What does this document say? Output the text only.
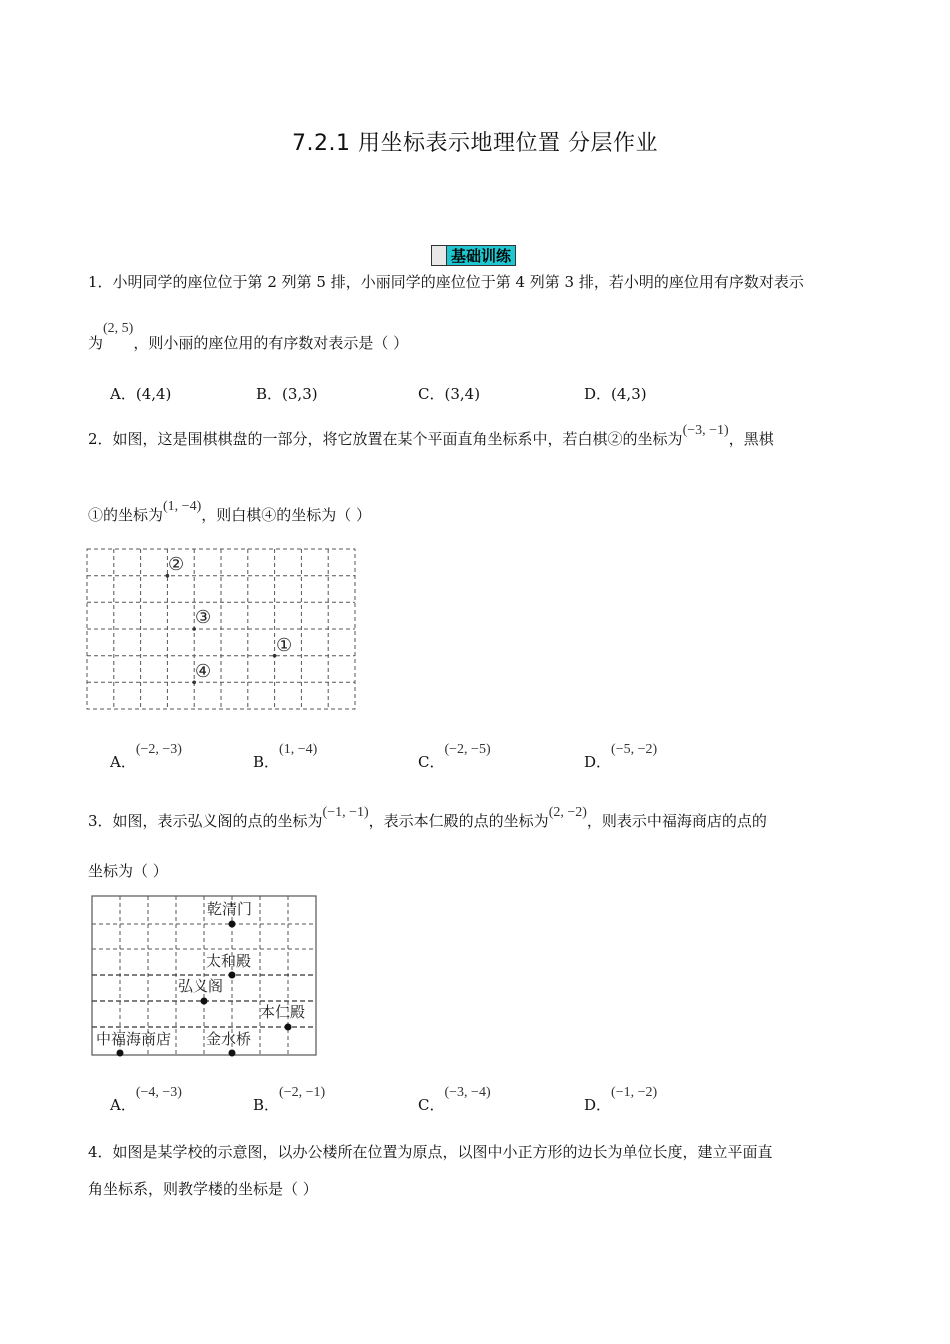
7.2.1 用坐标表示地理位置 分层作业
基础训练
1．小明同学的座位位于第 2 列第 5 排，小丽同学的座位位于第 4 列第 3 排，若小明的座位用有序数对表示
为(2, 5)，则小丽的座位用的有序数对表示是（ ）
A．(4,4)	B．(3,3)	C．(3,4)	D．(4,3)
2．如图，这是围棋棋盘的一部分，将它放置在某个平面直角坐标系中，若白棋②的坐标为(−3, −1)，黑棋
①的坐标为(1, −4)，则白棋④的坐标为（ ）
②
③
①
④
A．(−2, −3)
B．(1, −4)
C．(−2, −5)
D．(−5, −2)
3．如图，表示弘义阁的点的坐标为(−1, −1)，表示本仁殿的点的坐标为(2, −2)，则表示中福海商店的点的
坐标为（ ）
乾清门
太和殿
弘义阁
本仁殿
中福海商店 金水桥
A．(−4, −3)
B．(−2, −1)
C．(−3, −4)
D．(−1, −2)
4．如图是某学校的示意图，以办公楼所在位置为原点，以图中小正方形的边长为单位长度，建立平面直
角坐标系，则教学楼的坐标是（ ）
